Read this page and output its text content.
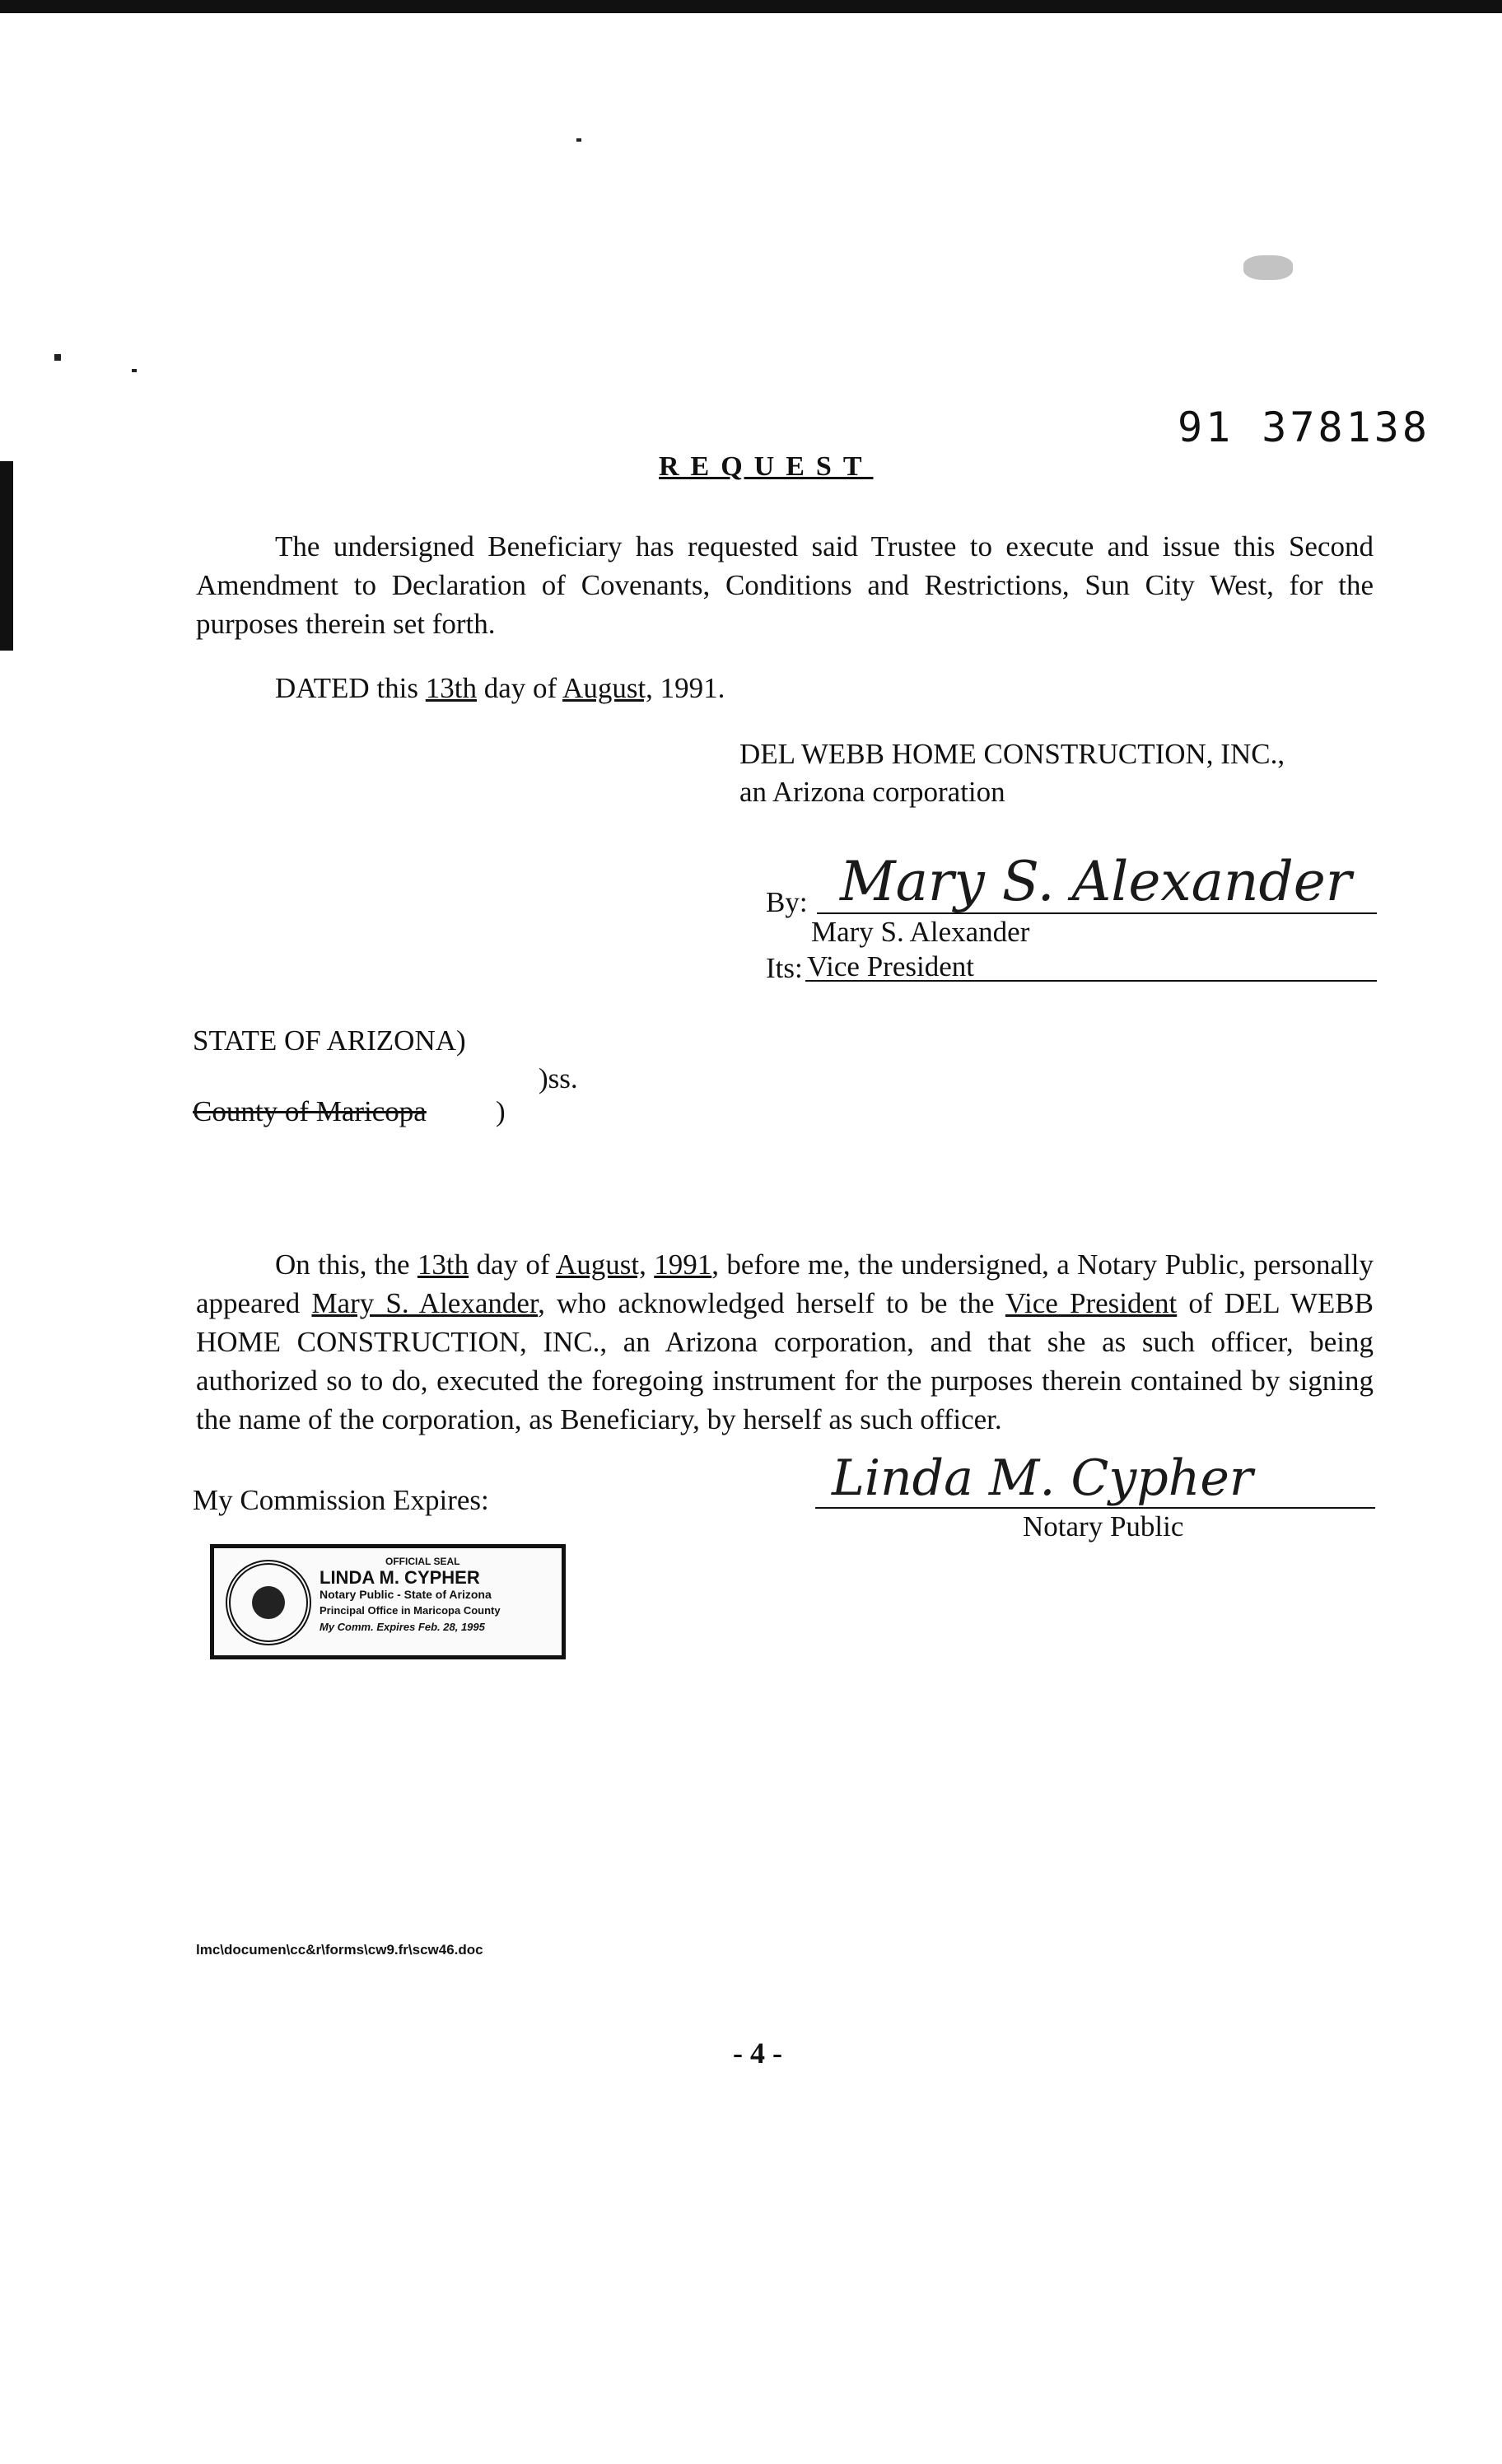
91 378138
REQUEST
The undersigned Beneficiary has requested said Trustee to execute and issue this Second Amendment to Declaration of Covenants, Conditions and Restrictions, Sun City West, for the purposes therein set forth.
DATED this 13th day of August, 1991.
DEL WEBB HOME CONSTRUCTION, INC.,
an Arizona corporation
By: Mary S. Alexander
Mary S. Alexander
Its: Vice President
STATE OF ARIZONA)
)ss.
County of Maricopa )
On this, the 13th day of August, 1991, before me, the undersigned, a Notary Public, personally appeared Mary S. Alexander, who acknowledged herself to be the Vice President of DEL WEBB HOME CONSTRUCTION, INC., an Arizona corporation, and that she as such officer, being authorized so to do, executed the foregoing instrument for the purposes therein contained by signing the name of the corporation, as Beneficiary, by herself as such officer.
My Commission Expires:	Linda M. Cypher
Notary Public
OFFICIAL SEAL
LINDA M. CYPHER
Notary Public - State of Arizona
Principal Office in Maricopa County
My Comm. Expires Feb. 28, 1995
lmc\documen\cc&r\forms\cw9.fr\scw46.doc
- 4 -
